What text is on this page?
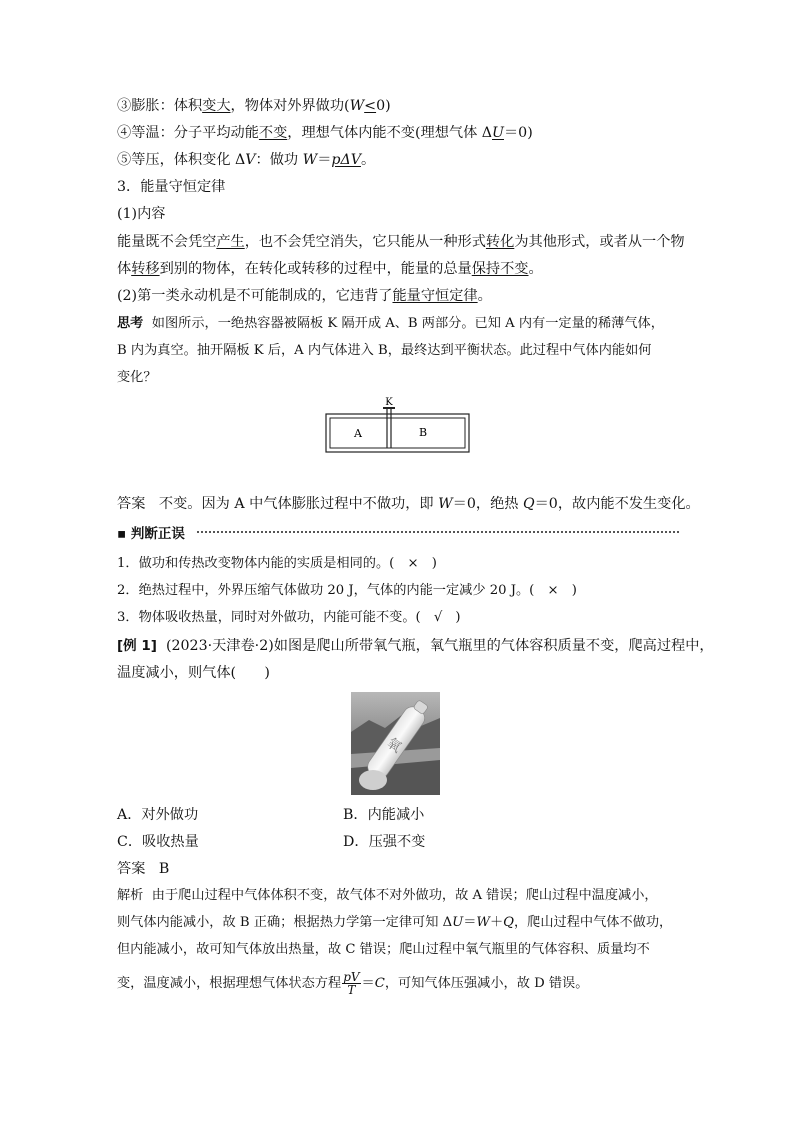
③膨胀：体积变大，物体对外界做功(W<0)
④等温：分子平均动能不变，理想气体内能不变(理想气体 ΔU＝0)
⑤等压，体积变化 ΔV：做功 W＝pΔV。
3．能量守恒定律
(1)内容
能量既不会凭空产生，也不会凭空消失，它只能从一种形式转化为其他形式，或者从一个物
体转移到别的物体，在转化或转移的过程中，能量的总量保持不变。
(2)第一类永动机是不可能制成的，它违背了能量守恒定律。
思考 如图所示，一绝热容器被隔板 K 隔开成 A、B 两部分。已知 A 内有一定量的稀薄气体，
B 内为真空。抽开隔板 K 后，A 内气体进入 B，最终达到平衡状态。此过程中气体内能如何
变化？
K
A	B
答案 不变。因为 A 中气体膨胀过程中不做功，即 W＝0，绝热 Q＝0，故内能不发生变化。
▪ 判断正误
1．做功和传热改变物体内能的实质是相同的。(　×　)
2．绝热过程中，外界压缩气体做功 20 J，气体的内能一定减少 20 J。(　×　)
3．物体吸收热量，同时对外做功，内能可能不变。(　√　)
[例 1] (2023·天津卷·2)如图是爬山所带氧气瓶，氧气瓶里的气体容积质量不变，爬高过程中，
温度减小，则气体(　　)
氧
A．对外做功	B．内能减小
C．吸收热量	D．压强不变
答案 B
解析 由于爬山过程中气体体积不变，故气体不对外做功，故 A 错误；爬山过程中温度减小，
则气体内能减小，故 B 正确；根据热力学第一定律可知 ΔU＝W＋Q，爬山过程中气体不做功，
但内能减小，故可知气体放出热量，故 C 错误；爬山过程中氧气瓶里的气体容积、质量均不
变，温度减小，根据理想气体状态方程 $\frac{pV}{T} =C$，可知气体压强减小，故 D 错误。
